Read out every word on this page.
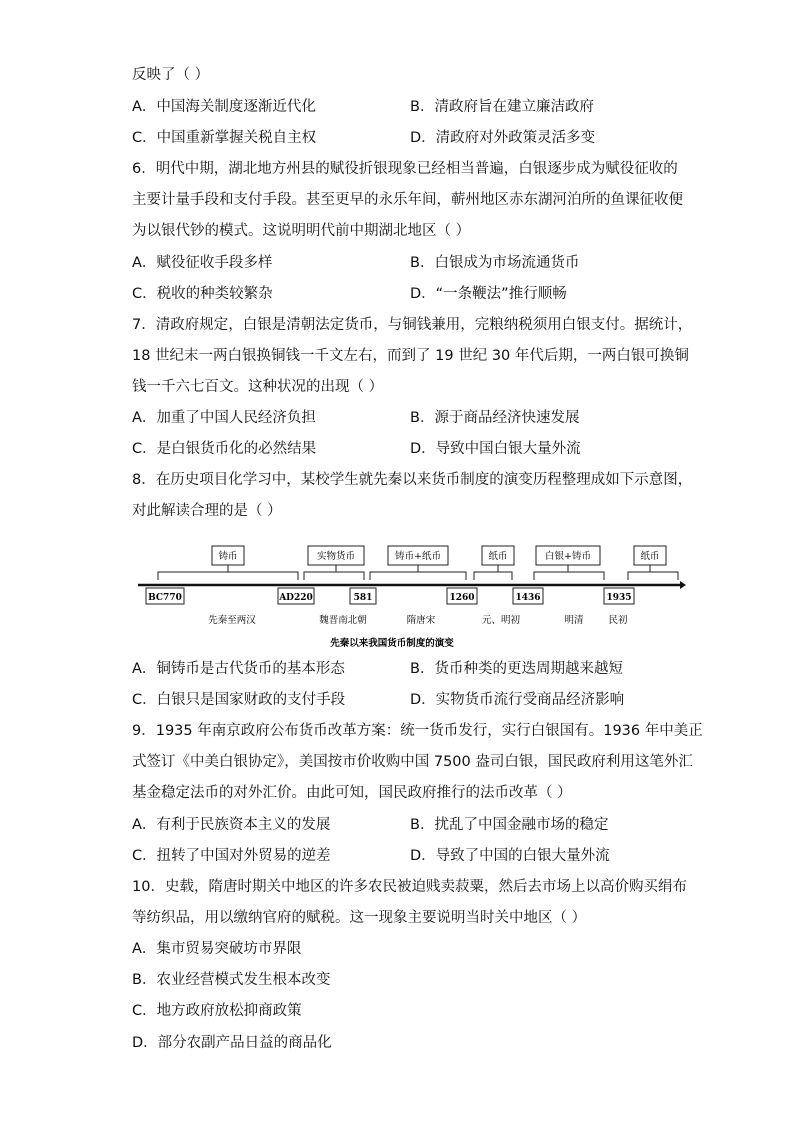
反映了（ ）
A．中国海关制度逐渐近代化	B．清政府旨在建立廉洁政府
C．中国重新掌握关税自主权	D．清政府对外政策灵活多变
6．明代中期，湖北地方州县的赋役折银现象已经相当普遍，白银逐步成为赋役征收的
主要计量手段和支付手段。甚至更早的永乐年间，蕲州地区赤东湖河泊所的鱼课征收便
为以银代钞的模式。这说明明代前中期湖北地区（ ）
A．赋役征收手段多样	B．白银成为市场流通货币
C．税收的种类较繁杂	D．“一条鞭法”推行顺畅
7．清政府规定，白银是清朝法定货币，与铜钱兼用，完粮纳税须用白银支付。据统计，
18 世纪末一两白银换铜钱一千文左右，而到了 19 世纪 30 年代后期，一两白银可换铜
钱一千六七百文。这种状况的出现（ ）
A．加重了中国人民经济负担	B．源于商品经济快速发展
C．是白银货币化的必然结果	D．导致中国白银大量外流
8．在历史项目化学习中，某校学生就先秦以来货币制度的演变历程整理成如下示意图，
对此解读合理的是（ ）
铸币	实物货币	铸币+纸币	纸币	白银+铸币	纸币
BC770	AD220	581	1260	1436	1935
先秦至两汉	魏晋南北朝	隋唐宋	元、明初	明清	民初
先秦以来我国货币制度的演变
A．铜铸币是古代货币的基本形态	B．货币种类的更迭周期越来越短
C．白银只是国家财政的支付手段	D．实物货币流行受商品经济影响
9．1935 年南京政府公布货币改革方案：统一货币发行，实行白银国有。1936 年中美正
式签订《中美白银协定》，美国按市价收购中国 7500 盎司白银，国民政府利用这笔外汇
基金稳定法币的对外汇价。由此可知，国民政府推行的法币改革（ ）
A．有利于民族资本主义的发展	B．扰乱了中国金融市场的稳定
C．扭转了中国对外贸易的逆差	D．导致了中国的白银大量外流
10．史载，隋唐时期关中地区的许多农民被迫贱卖菽粟，然后去市场上以高价购买绢布
等纺织品，用以缴纳官府的赋税。这一现象主要说明当时关中地区（ ）
A．集市贸易突破坊市界限
B．农业经营模式发生根本改变
C．地方政府放松抑商政策
D．部分农副产品日益的商品化
